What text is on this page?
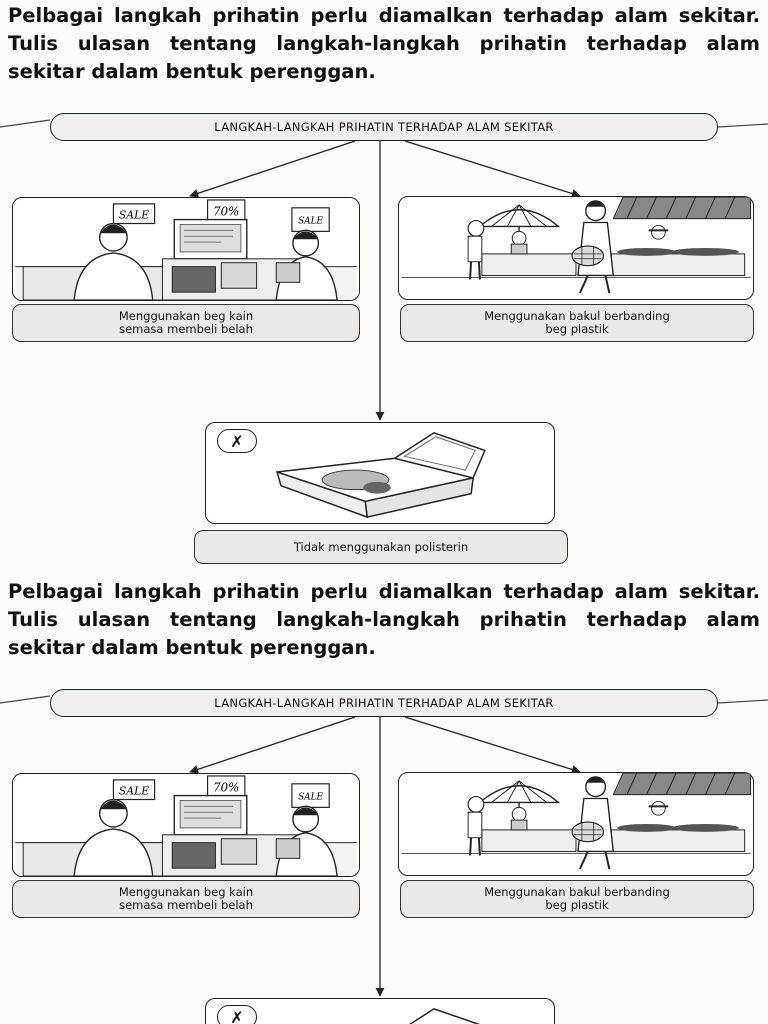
Pelbagai langkah prihatin perlu diamalkan terhadap alam sekitar. Tulis ulasan tentang langkah-langkah prihatin terhadap alam sekitar dalam bentuk perenggan.

LANGKAH-LANGKAH PRIHATIN TERHADAP ALAM SEKITAR
SALE	70%
SALE
Menggunakan beg kain
semasa membeli belah
Menggunakan bakul berbanding
beg plastik
✗
Tidak menggunakan polisterin

Pelbagai langkah prihatin perlu diamalkan terhadap alam sekitar. Tulis ulasan tentang langkah-langkah prihatin terhadap alam sekitar dalam bentuk perenggan.

LANGKAH-LANGKAH PRIHATIN TERHADAP ALAM SEKITAR
SALE	70%
SALE
Menggunakan beg kain
semasa membeli belah
Menggunakan bakul berbanding
beg plastik
✗
